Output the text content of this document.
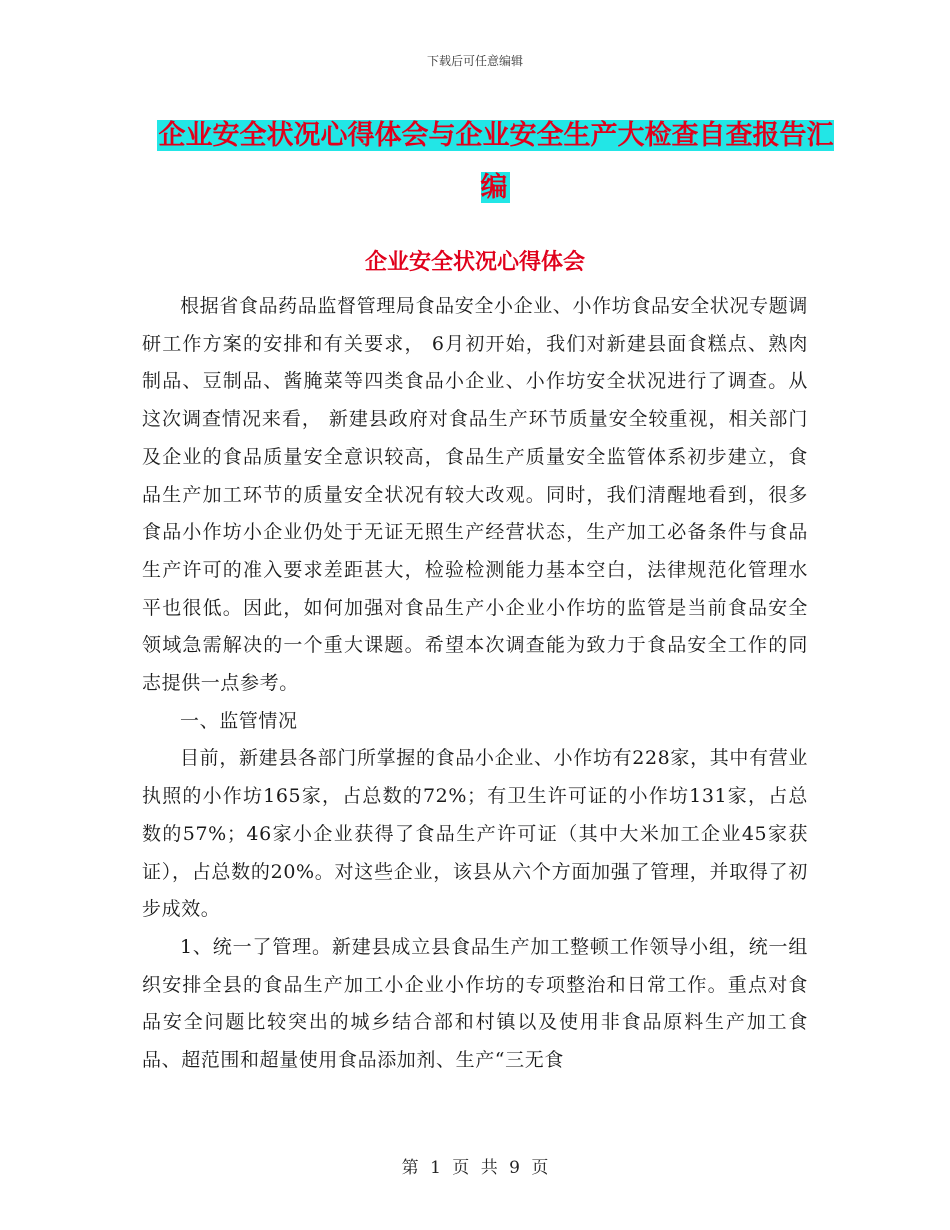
下载后可任意编辑
企业安全状况心得体会与企业安全生产大检查自查报告汇编
企业安全状况心得体会

根据省食品药品监督管理局食品安全小企业、小作坊食品安全状况专题调研工作方案的安排和有关要求， 6月初开始，我们对新建县面食糕点、熟肉制品、豆制品、酱腌菜等四类食品小企业、小作坊安全状况进行了调查。从这次调查情况来看， 新建县政府对食品生产环节质量安全较重视，相关部门及企业的食品质量安全意识较高，食品生产质量安全监管体系初步建立，食品生产加工环节的质量安全状况有较大改观。同时，我们清醒地看到，很多食品小作坊小企业仍处于无证无照生产经营状态，生产加工必备条件与食品生产许可的准入要求差距甚大，检验检测能力基本空白，法律规范化管理水平也很低。因此，如何加强对食品生产小企业小作坊的监管是当前食品安全领域急需解决的一个重大课题。希望本次调查能为致力于食品安全工作的同志提供一点参考。

一、监管情况

目前，新建县各部门所掌握的食品小企业、小作坊有228家，其中有营业执照的小作坊165家，占总数的72%；有卫生许可证的小作坊131家，占总数的57%；46家小企业获得了食品生产许可证（其中大米加工企业45家获证），占总数的20%。对这些企业，该县从六个方面加强了管理，并取得了初步成效。

1、统一了管理。新建县成立县食品生产加工整顿工作领导小组，统一组织安排全县的食品生产加工小企业小作坊的专项整治和日常工作。重点对食品安全问题比较突出的城乡结合部和村镇以及使用非食品原料生产加工食品、超范围和超量使用食品添加剂、生产“三无食

第 1 页 共 9 页
